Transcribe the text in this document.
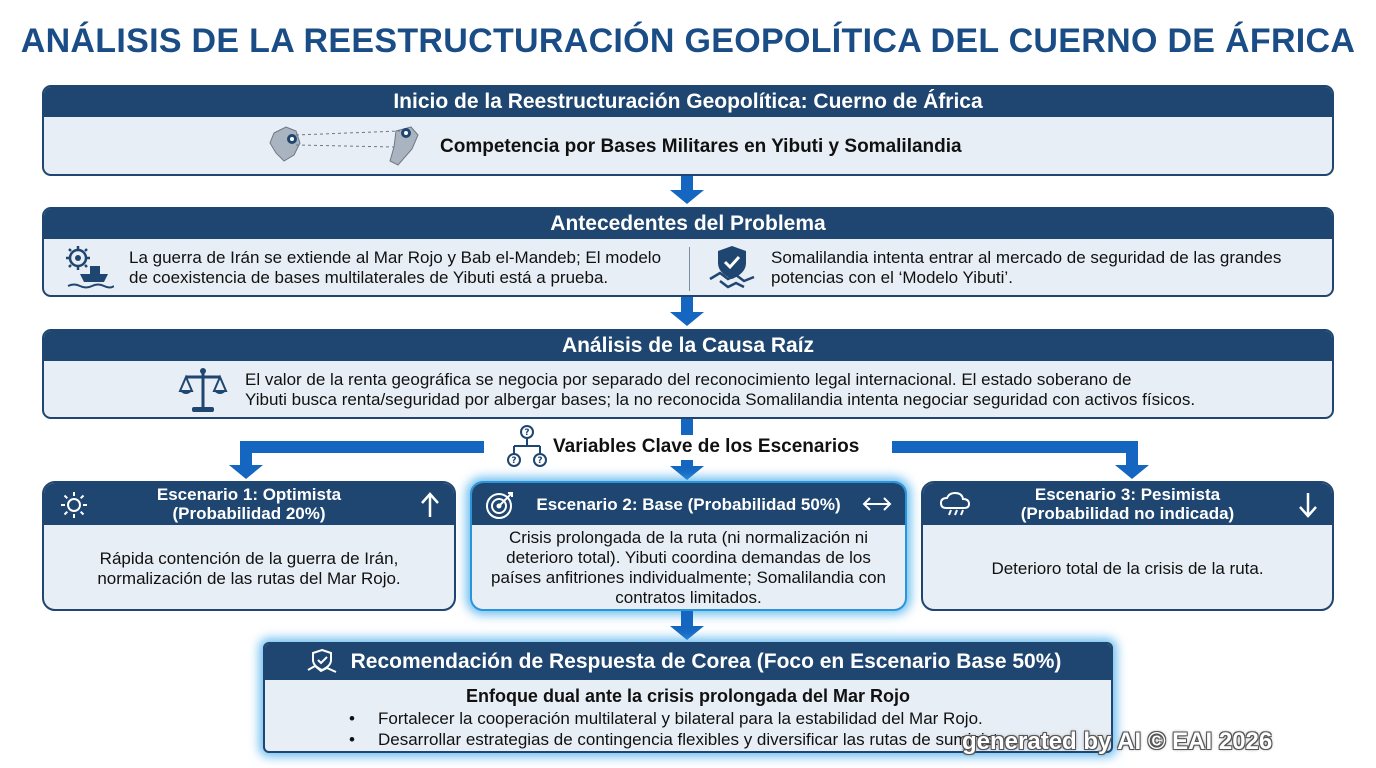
ANÁLISIS DE LA REESTRUCTURACIÓN GEOPOLÍTICA DEL CUERNO DE ÁFRICA
Inicio de la Reestructuración Geopolítica: Cuerno de África
Competencia por Bases Militares en Yibuti y Somalilandia
Antecedentes del Problema
La guerra de Irán se extiende al Mar Rojo y Bab el-Mandeb; El modelo
de coexistencia de bases multilaterales de Yibuti está a prueba.
Somalilandia intenta entrar al mercado de seguridad de las grandes
potencias con el ‘Modelo Yibuti’.
Análisis de la Causa Raíz
El valor de la renta geográfica se negocia por separado del reconocimiento legal internacional. El estado soberano de
Yibuti busca renta/seguridad por albergar bases; la no reconocida Somalilandia intenta negociar seguridad con activos físicos.
?
? ?
Variables Clave de los Escenarios
Escenario 1: Optimista
(Probabilidad 20%)
Rápida contención de la guerra de Irán,
normalización de las rutas del Mar Rojo.
Escenario 2: Base (Probabilidad 50%)
Crisis prolongada de la ruta (ni normalización ni
deterioro total). Yibuti coordina demandas de los
países anfitriones individualmente; Somalilandia con
contratos limitados.
Escenario 3: Pesimista
(Probabilidad no indicada)
Deterioro total de la crisis de la ruta.
Recomendación de Respuesta de Corea (Foco en Escenario Base 50%)
Enfoque dual ante la crisis prolongada del Mar Rojo
• Fortalecer la cooperación multilateral y bilateral para la estabilidad del Mar Rojo.
• Desarrollar estrategias de contingencia flexibles y diversificar las rutas de suministro.
generated by AI © EAI 2026
